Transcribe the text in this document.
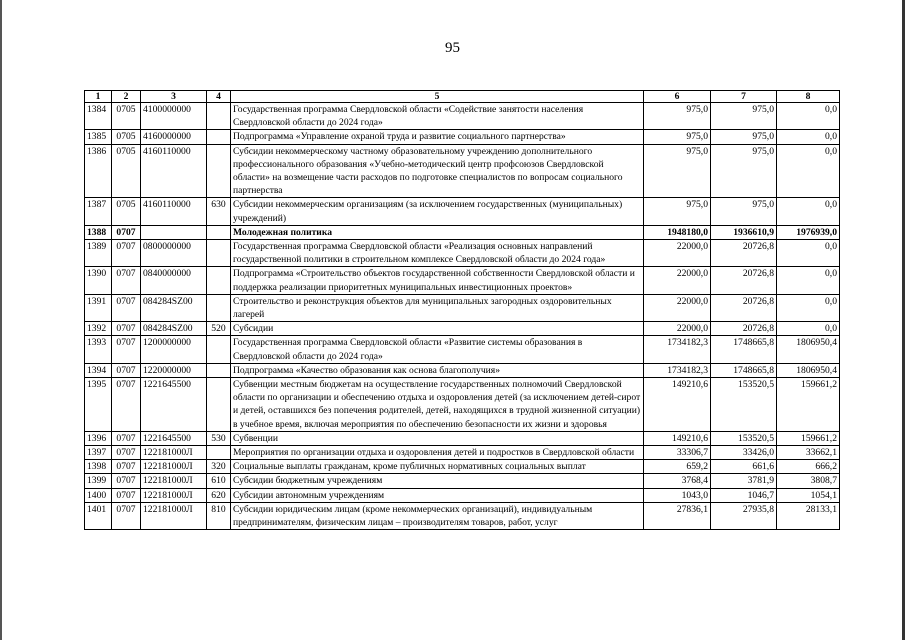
95
1	2	3	4	5	6	7	8
1384	0705	4100000000		Государственная программа Свердловской области «Содействие занятости населения Свердловской области до 2024 года»	975,0	975,0	0,0
1385	0705	4160000000		Подпрограмма «Управление охраной труда и развитие социального партнерства»	975,0	975,0	0,0
1386	0705	4160110000		Субсидии некоммерческому частному образовательному учреждению дополнительного профессионального образования «Учебно-методический центр профсоюзов Свердловской области» на возмещение части расходов по подготовке специалистов по вопросам социального партнерства	975,0	975,0	0,0
1387	0705	4160110000	630	Субсидии некоммерческим организациям (за исключением государственных (муниципальных) учреждений)	975,0	975,0	0,0
1388	0707			Молодежная политика	1948180,0	1936610,9	1976939,0
1389	0707	0800000000		Государственная программа Свердловской области «Реализация основных направлений государственной политики в строительном комплексе Свердловской области до 2024 года»	22000,0	20726,8	0,0
1390	0707	0840000000		Подпрограмма «Строительство объектов государственной собственности Свердловской области и поддержка реализации приоритетных муниципальных инвестиционных проектов»	22000,0	20726,8	0,0
1391	0707	084284SZ00		Строительство и реконструкция объектов для муниципальных загородных оздоровительных лагерей	22000,0	20726,8	0,0
1392	0707	084284SZ00	520	Субсидии	22000,0	20726,8	0,0
1393	0707	1200000000		Государственная программа Свердловской области «Развитие системы образования в Свердловской области до 2024 года»	1734182,3	1748665,8	1806950,4
1394	0707	1220000000		Подпрограмма «Качество образования как основа благополучия»	1734182,3	1748665,8	1806950,4
1395	0707	1221645500		Субвенции местным бюджетам на осуществление государственных полномочий Свердловской области по организации и обеспечению отдыха и оздоровления детей (за исключением детей-сирот и детей, оставшихся без попечения родителей, детей, находящихся в трудной жизненной ситуации) в учебное время, включая мероприятия по обеспечению безопасности их жизни и здоровья	149210,6	153520,5	159661,2
1396	0707	1221645500	530	Субвенции	149210,6	153520,5	159661,2
1397	0707	122181000Л		Мероприятия по организации отдыха и оздоровления детей и подростков в Свердловской области	33306,7	33426,0	33662,1
1398	0707	122181000Л	320	Социальные выплаты гражданам, кроме публичных нормативных социальных выплат	659,2	661,6	666,2
1399	0707	122181000Л	610	Субсидии бюджетным учреждениям	3768,4	3781,9	3808,7
1400	0707	122181000Л	620	Субсидии автономным учреждениям	1043,0	1046,7	1054,1
1401	0707	122181000Л	810	Субсидии юридическим лицам (кроме некоммерческих организаций), индивидуальным предпринимателям, физическим лицам – производителям товаров, работ, услуг	27836,1	27935,8	28133,1
